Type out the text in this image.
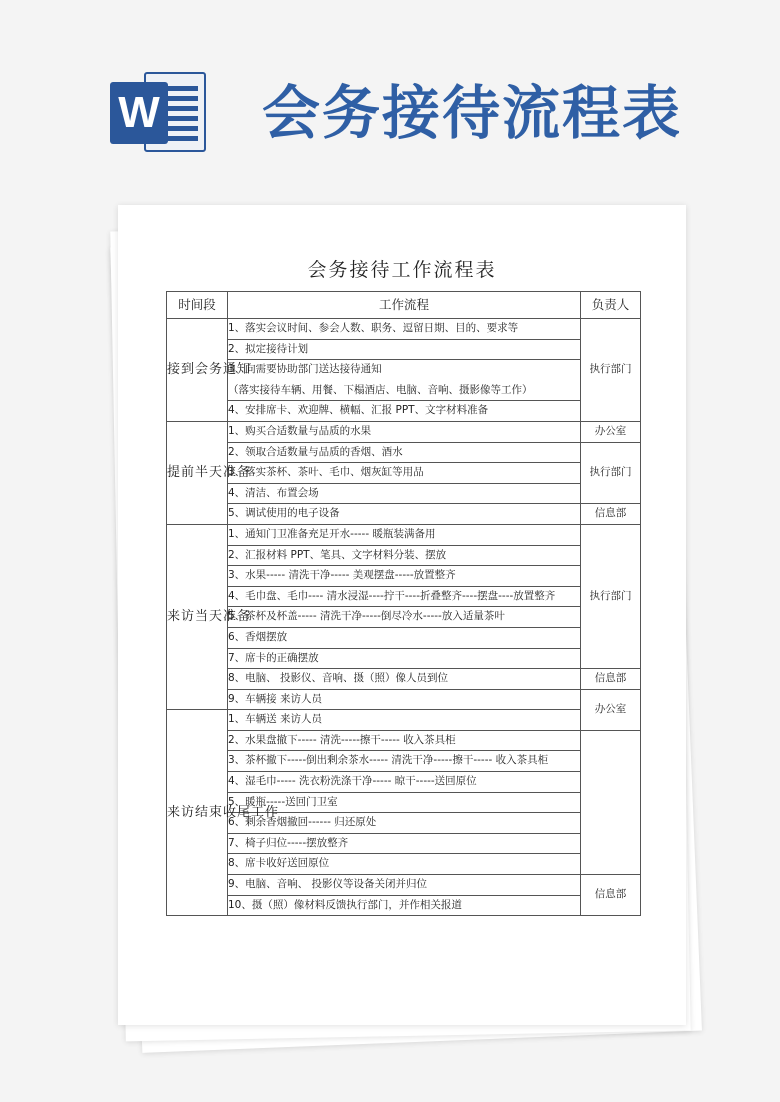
W 会务接待流程表
会务接待工作流程表
时间段	工作流程	负责人	
接到会务通知	1、落实会议时间、参会人数、职务、逗留日期、目的、要求等	执行部门	
	2、拟定接待计划		
	3、向需要协助部门送达接待通知		
	（落实接待车辆、用餐、下榻酒店、电脑、音响、摄影像等工作）		
	4、安排席卡、欢迎牌、横幅、汇报 PPT、文字材料准备		
提前半天准备	1、购买合适数量与品质的水果	办公室	
	2、领取合适数量与品质的香烟、酒水	执行部门	
	3、落实茶杯、茶叶、毛巾、烟灰缸等用品		
	4、清洁、布置会场		
	5、调试使用的电子设备	信息部	
来访当天准备	1、通知门卫准备充足开水----- 暖瓶装满备用	执行部门	
	2、汇报材料 PPT、笔具、文字材料分装、摆放		
	3、水果----- 清洗干净----- 美观摆盘-----放置整齐		
	4、毛巾盘、毛巾---- 清水浸湿----拧干----折叠整齐----摆盘----放置整齐		
	5、茶杯及杯盖----- 清洗干净-----倒尽冷水-----放入适量茶叶		
	6、香烟摆放		
	7、席卡的正确摆放		
	8、电脑、 投影仪、音响、摄（照）像人员到位	信息部	
	9、车辆接 来访人员	办公室	
来访结束收尾工作	1、车辆送 来访人员	
	2、水果盘撤下----- 清洗-----擦干----- 收入茶具柜		
	3、茶杯撤下-----倒出剩余茶水----- 清洗干净-----擦干----- 收入茶具柜		
	4、湿毛巾----- 洗衣粉洗涤干净----- 晾干-----送回原位		
	5、暖瓶-----送回门卫室		
	6、剩余香烟撤回------ 归还原处		
	7、椅子归位-----摆放整齐		
	8、席卡收好送回原位		
	9、电脑、音响、 投影仪等设备关闭并归位	信息部	
	10、摄（照）像材料反馈执行部门，并作相关报道		
